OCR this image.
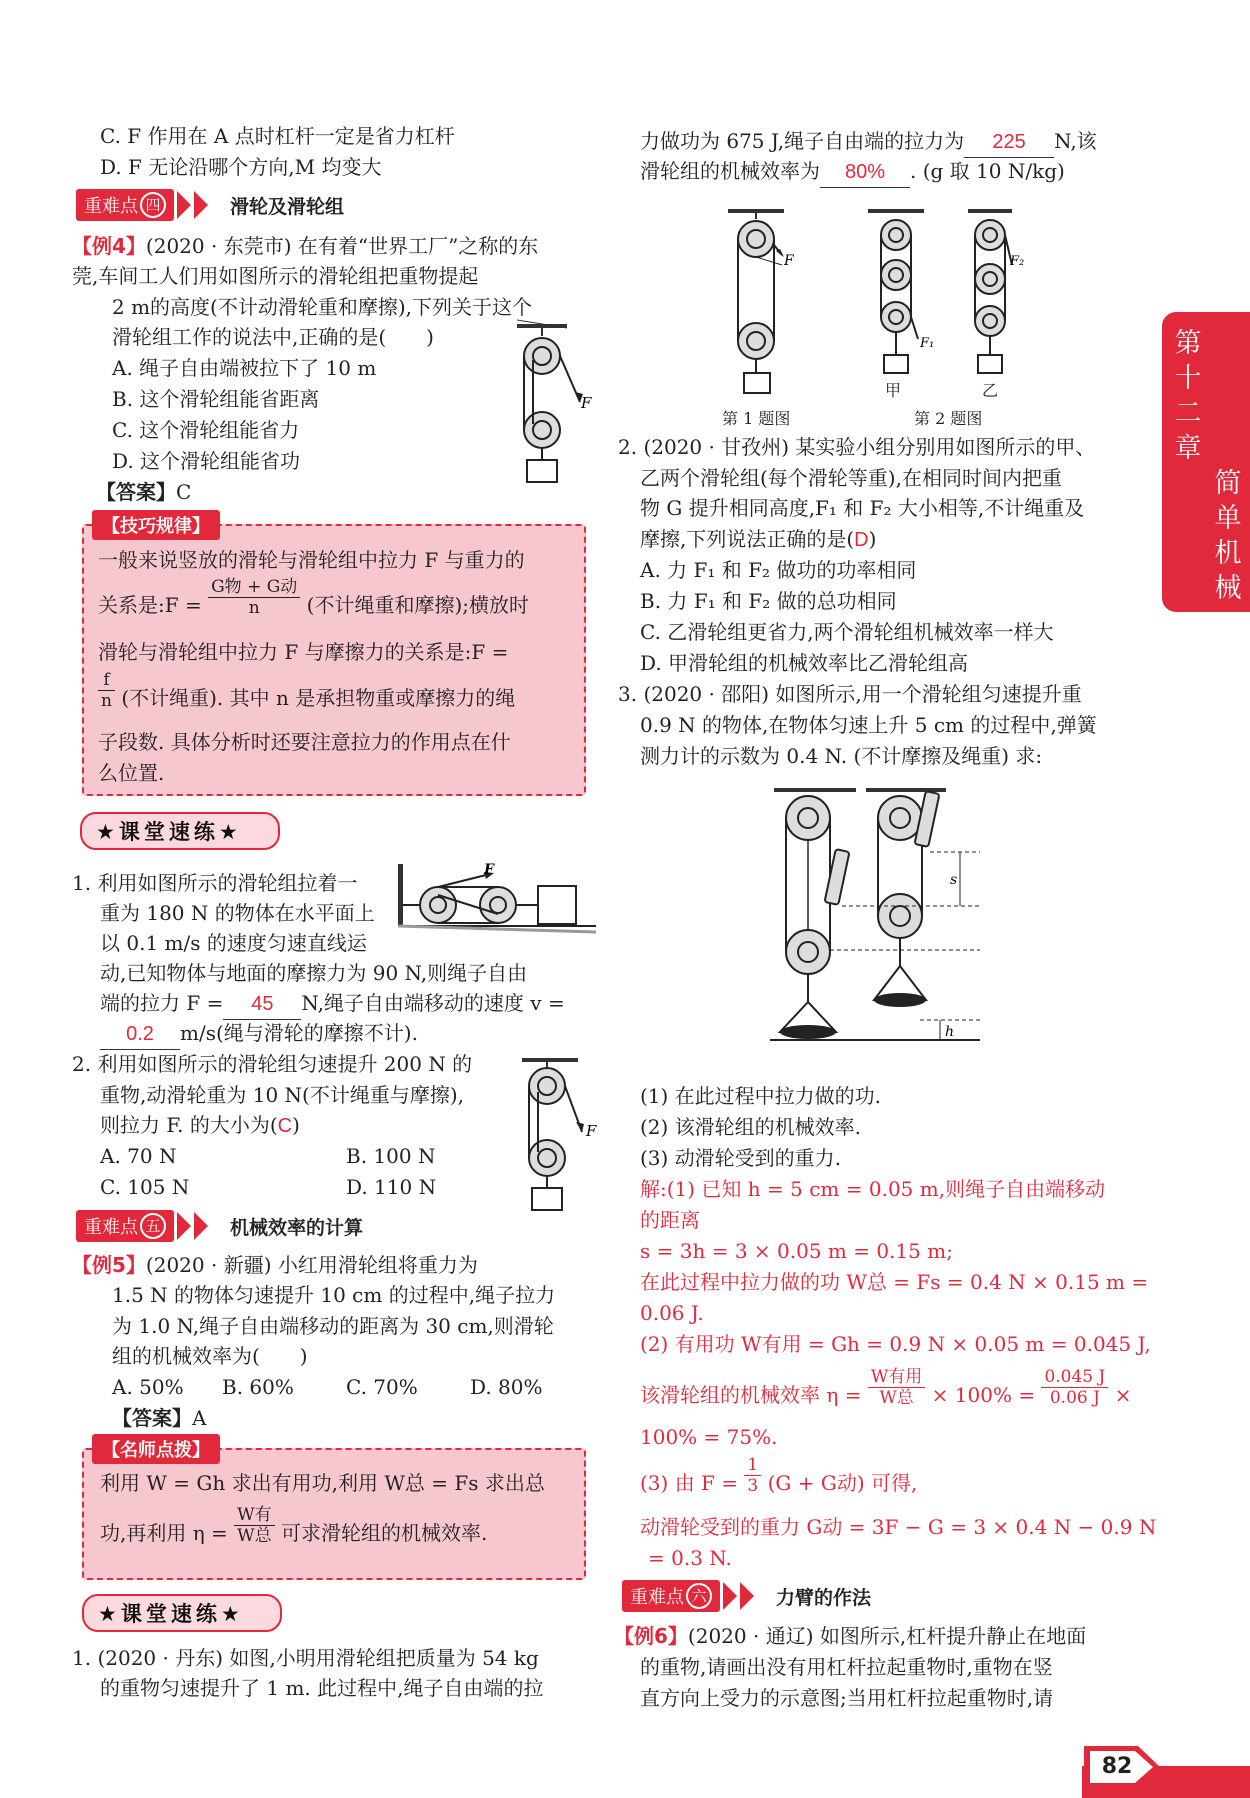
C. F 作用在 A 点时杠杆一定是省力杠杆
D. F 无论沿哪个方向,M 均变大
重难点 四	滑轮及滑轮组
【例4】(2020 · 东莞市) 在有着“世界工厂”之称的东
莞,车间工人们用如图所示的滑轮组把重物提起
2 m的高度(不计动滑轮重和摩擦),下列关于这个
滑轮组工作的说法中,正确的是(　　)
A. 绳子自由端被拉下了 10 m
B. 这个滑轮组能省距离
C. 这个滑轮组能省力
D. 这个滑轮组能省功
【答案】C
F
【技巧规律】
一般来说竖放的滑轮与滑轮组中拉力 F 与重力的
关系是:F = $\frac{\text{G物 + G动}}{n}$ (不计绳重和摩擦);横放时
滑轮与滑轮组中拉力 F 与摩擦力的关系是:F =
$\frac{f}{n}$ (不计绳重). 其中 n 是承担物重或摩擦力的绳
子段数. 具体分析时还要注意拉力的作用点在什
么位置.
★课堂速练★
1. 利用如图所示的滑轮组拉着一
重为 180 N 的物体在水平面上
以 0.1 m/s 的速度匀速直线运
动,已知物体与地面的摩擦力为 90 N,则绳子自由
端的拉力 F = 45 N,绳子自由端移动的速度 v =
0.2 m/s(绳与滑轮的摩擦不计).
F
2. 利用如图所示的滑轮组匀速提升 200 N 的
重物,动滑轮重为 10 N(不计绳重与摩擦),
则拉力 F. 的大小为(C)
A. 70 N	B. 100 N
C. 105 N	D. 110 N
F
重难点 五	机械效率的计算
【例5】(2020 · 新疆) 小红用滑轮组将重力为
1.5 N 的物体匀速提升 10 cm 的过程中,绳子拉力
为 1.0 N,绳子自由端移动的距离为 30 cm,则滑轮
组的机械效率为(　　)
A. 50% B. 60%	C. 70%	D. 80%
【答案】A
【名师点拨】
利用 W = Gh 求出有用功,利用 W总 = Fs 求出总
功,再利用 $\eta = \frac{\text{W有}}{\text{W总}}$ 可求滑轮组的机械效率.
★课堂速练★
1. (2020 · 丹东) 如图,小明用滑轮组把质量为 54 kg
的重物匀速提升了 1 m. 此过程中,绳子自由端的拉
力做功为 675 J,绳子自由端的拉力为 225 N,该
滑轮组的机械效率为 80% . (g 取 10 N/kg)
F
F₁
F₂
甲	乙
第 1 题图	第 2 题图
2. (2020 · 甘孜州) 某实验小组分别用如图所示的甲、
乙两个滑轮组(每个滑轮等重),在相同时间内把重
物 G 提升相同高度,F₁ 和 F₂ 大小相等,不计绳重及
摩擦,下列说法正确的是(D)
A. 力 F₁ 和 F₂ 做功的功率相同
B. 力 F₁ 和 F₂ 做的总功相同
C. 乙滑轮组更省力,两个滑轮组机械效率一样大
D. 甲滑轮组的机械效率比乙滑轮组高
3. (2020 · 邵阳) 如图所示,用一个滑轮组匀速提升重
0.9 N 的物体,在物体匀速上升 5 cm 的过程中,弹簧
测力计的示数为 0.4 N. (不计摩擦及绳重) 求:
s
h
(1) 在此过程中拉力做的功.
(2) 该滑轮组的机械效率.
(3) 动滑轮受到的重力.
解:(1) 已知 h = 5 cm = 0.05 m,则绳子自由端移动
的距离
s = 3h = 3 × 0.05 m = 0.15 m;
在此过程中拉力做的功 W总 = Fs = 0.4 N × 0.15 m =
0.06 J.
(2) 有用功 W有用 = Gh = 0.9 N × 0.05 m = 0.045 J,
该滑轮组的机械效率 $\eta = \frac{\text{W有用}}{\text{W总}} \times 100\% = \frac{0.045 J}{0.06 J}$ ×
100% = 75%.
(3) 由 $F = \frac{1}{3} (G + G$动) 可得,
动滑轮受到的重力 G动 = 3F − G = 3 × 0.4 N − 0.9 N
= 0.3 N.
重难点 六	力臂的作法
【例6】(2020 · 通辽) 如图所示,杠杆提升静止在地面
的重物,请画出没有用杠杆拉起重物时,重物在竖
直方向上受力的示意图;当用杠杆拉起重物时,请
第
十
二
章
简
单
机
械
82
